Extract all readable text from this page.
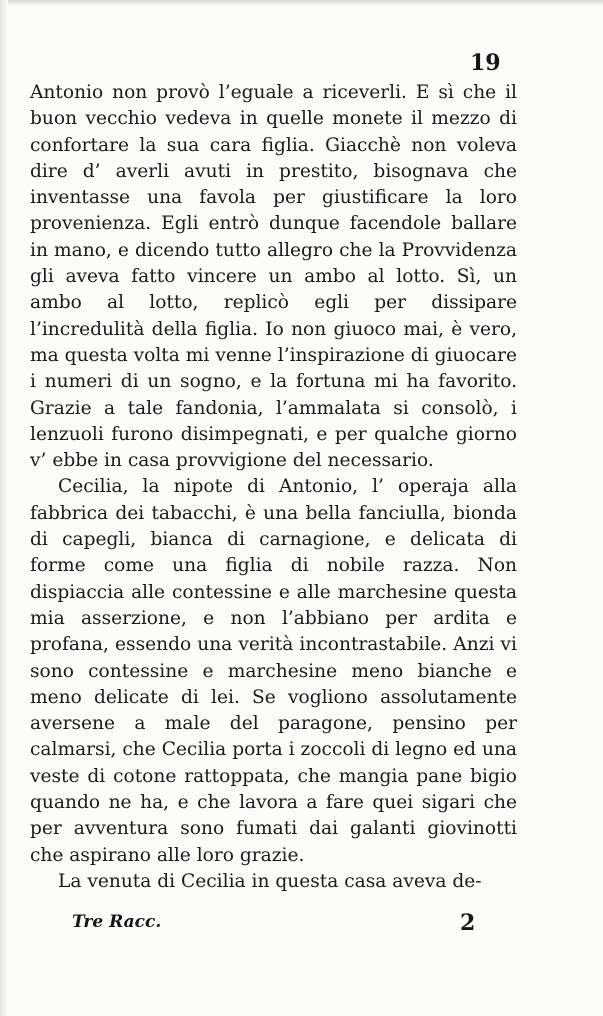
19

Antonio non provò l’eguale a riceverli. E sì che il buon vecchio vedeva in quelle monete il mezzo di confortare la sua cara figlia. Giacchè non voleva dire d’ averli avuti in prestito, bisognava che inventasse una favola per giustificare la loro provenienza. Egli entrò dunque facendole ballare in mano, e dicendo tutto allegro che la Provvidenza gli aveva fatto vincere un ambo al lotto. Sì, un ambo al lotto, replicò egli per dissipare l’incredulità della figlia. Io non giuoco mai, è vero, ma questa volta mi venne l’inspirazione di giuocare i numeri di un sogno, e la fortuna mi ha favorito. Grazie a tale fandonia, l’ammalata si consolò, i lenzuoli furono disimpegnati, e per qualche giorno v’ ebbe in casa provvigione del necessario.

Cecilia, la nipote di Antonio, l’ operaja alla fabbrica dei tabacchi, è una bella fanciulla, bionda di capegli, bianca di carnagione, e delicata di forme come una figlia di nobile razza. Non dispiaccia alle contessine e alle marchesine questa mia asserzione, e non l’abbiano per ardita e profana, essendo una verità incontrastabile. Anzi vi sono contessine e marchesine meno bianche e meno delicate di lei. Se vogliono assolutamente aversene a male del paragone, pensino per calmarsi, che Cecilia porta i zoccoli di legno ed una veste di cotone rattoppata, che mangia pane bigio quando ne ha, e che lavora a fare quei sigari che per avventura sono fumati dai galanti giovinotti che aspirano alle loro grazie.

La venuta di Cecilia in questa casa aveva de-

Tre Racc.	2
